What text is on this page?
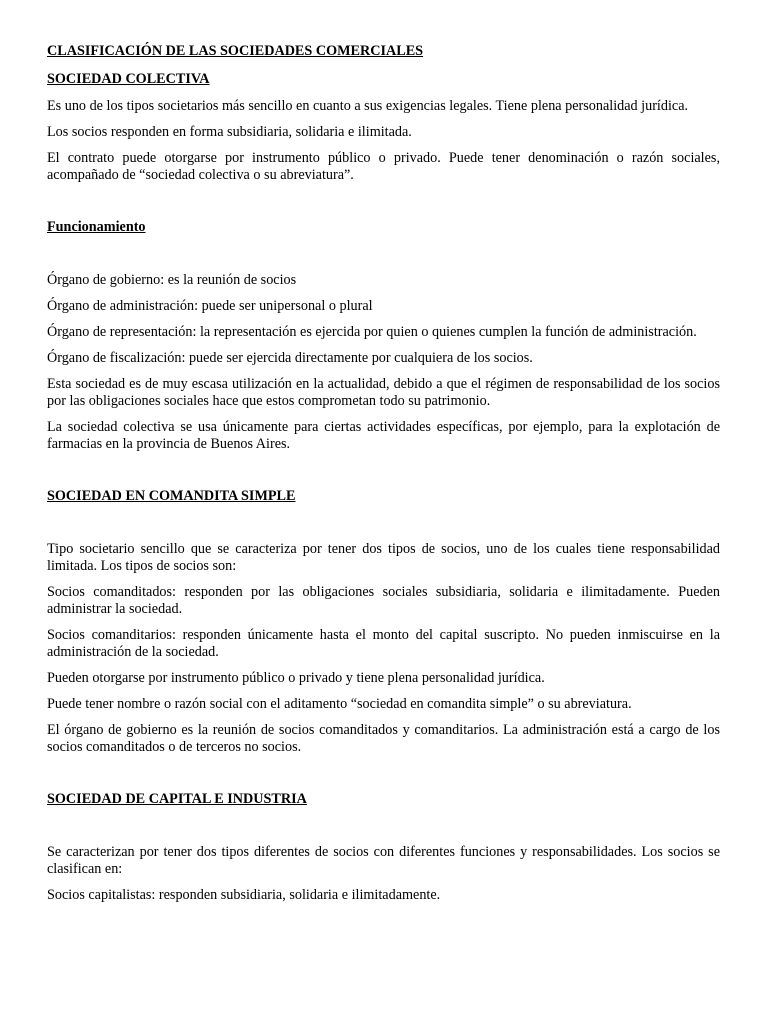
CLASIFICACIÓN DE LAS SOCIEDADES COMERCIALES
SOCIEDAD COLECTIVA

Es uno de los tipos societarios más sencillo en cuanto a sus exigencias legales. Tiene plena personalidad jurídica.

Los socios responden en forma subsidiaria, solidaria e ilimitada.

El contrato puede otorgarse por instrumento público o privado. Puede tener denominación o razón sociales, acompañado de “sociedad colectiva o su abreviatura”.

Funcionamiento

Órgano de gobierno: es la reunión de socios

Órgano de administración: puede ser unipersonal o plural

Órgano de representación: la representación es ejercida por quien o quienes cumplen la función de administración.

Órgano de fiscalización: puede ser ejercida directamente por cualquiera de los socios.

Esta sociedad es de muy escasa utilización en la actualidad, debido a que el régimen de responsabilidad de los socios por las obligaciones sociales hace que estos comprometan todo su patrimonio.

La sociedad colectiva se usa únicamente para ciertas actividades específicas, por ejemplo, para la explotación de farmacias en la provincia de Buenos Aires.

SOCIEDAD EN COMANDITA SIMPLE

Tipo societario sencillo que se caracteriza por tener dos tipos de socios, uno de los cuales tiene responsabilidad limitada. Los tipos de socios son:

Socios comanditados: responden por las obligaciones sociales subsidiaria, solidaria e ilimitadamente. Pueden administrar la sociedad.

Socios comanditarios: responden únicamente hasta el monto del capital suscripto. No pueden inmiscuirse en la administración de la sociedad.

Pueden otorgarse por instrumento público o privado y tiene plena personalidad jurídica.

Puede tener nombre o razón social con el aditamento “sociedad en comandita simple” o su abreviatura.

El órgano de gobierno es la reunión de socios comanditados y comanditarios. La administración está a cargo de los socios comanditados o de terceros no socios.

SOCIEDAD DE CAPITAL E INDUSTRIA

Se caracterizan por tener dos tipos diferentes de socios con diferentes funciones y responsabilidades. Los socios se clasifican en:

Socios capitalistas: responden subsidiaria, solidaria e ilimitadamente.
